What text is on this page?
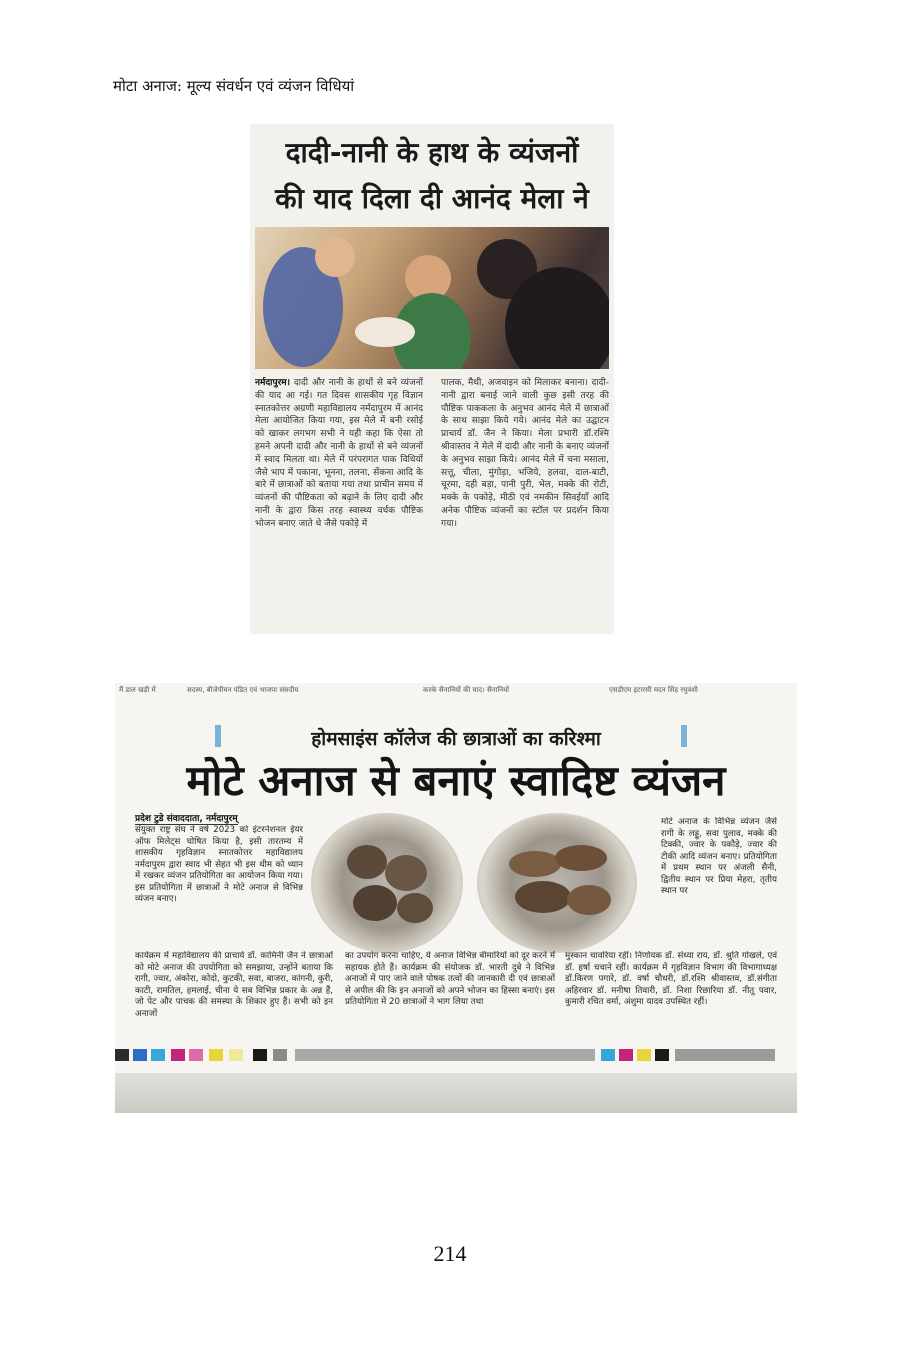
मोटा अनाज: मूल्य संवर्धन एवं व्यंजन विधियां
दादी-नानी के हाथ के व्यंजनों
की याद दिला दी आनंद मेला ने
नर्मदापुरम। दादी और नानी के हाथों से बने व्यंजनों की याद आ गई। गत दिवस शासकीय गृह विज्ञान स्नातकोत्तर अग्रणी महाविद्यालय नर्मदापुरम में आनंद मेला आयोजित किया गया, इस मेले में बनी रसोई को खाकर लगभग सभी ने यही कहा कि ऐसा तो हमने अपनी दादी और नानी के हाथों से बने व्यंजनों में स्वाद मिलता था। मेले में परंपरागत पाक विधियों जैसे भाप में पकाना, भूनना, तलना, सेंकना आदि के बारे में छात्राओं को बताया गया तथा प्राचीन समय में व्यंजनों की पौष्टिकता को बढ़ाने के लिए दादी और नानी के द्वारा किस तरह स्वास्थ्य वर्धक पौष्टिक भोजन बनाए जाते थे जैसे पकोड़े में
पालक, मैथी, अजवाइन को मिलाकर बनाना। दादी-नानी द्वारा बनाई जाने वाली कुछ इसी तरह की पौष्टिक पाककला के अनुभव आनंद मेले में छात्राओं के साथ साझा किये गये। आनंद मेले का उद्घाटन प्राचार्य डॉ. जैन ने किया। मेला प्रभारी डॉ.रश्मि श्रीवास्तव ने मेले में दादी और नानी के बनाए व्यंजनों के अनुभव साझा किये। आनंद मेले में चना मसाला, सत्तू, चीला, मुंगोड़ा, भजिये, हलवा, दाल-बाटी, चूरमा, दही बड़ा, पानी पुरी, भेल, मक्के की रोटी, मक्के के पकोड़े, मीठी एवं नमकीन सिवईयाँ आदि अनेक पौष्टिक व्यंजनों का स्टॉल पर प्रदर्शन किया गया।
मैं डाल खड़ी में	सदस्य, बीजेपीयन पंडित एवं भाजपा संसदीय	करके सैनानियों की याद। सैनानियों	एसडीएम इटारसी मदन सिंह रघुवंशी
होमसाइंस कॉलेज की छात्राओं का करिश्मा
मोटे अनाज से बनाएं स्वादिष्ट व्यंजन
प्रदेश टुडे संवाददाता, नर्मदापुरम्
संयुक्त राष्ट्र संघ ने वर्ष 2023 को इंटरनेशनल ईयर ऑफ मिलेट्स घोषित किया है, इसी तारतम्य में शासकीय गृहविज्ञान स्नातकोत्तर महाविद्यालय नर्मदापुरम द्वारा स्वाद भी सेहत भी इस थीम को ध्यान में रखकर व्यंजन प्रतियोगिता का आयोजन किया गया। इस प्रतियोगिता में छात्राओं ने मोटे अनाज से विभिन्न व्यंजन बनाए।
मोटे अनाज के विभिन्न व्यंजन जैसे रागी के लड्डू, सवा पुलाव, मक्के की टिक्की, ज्वार के पकौड़े, ज्वार की टीकी आदि व्यंजन बनाए। प्रतियोगिता में प्रथम स्थान पर अंजली सैनी, द्वितीय स्थान पर प्रिया मेहरा, तृतीय स्थान पर
कार्यक्रम में महाविद्यालय की प्राचार्य डॉ. कामिनी जैन ने छात्राओं को मोटे अनाज की उपयोगिता को समझाया, उन्होंने बताया कि रागी, ज्वार, अंकोरा, कोदो, कुटकी, सवा, बाजरा, कांगनी, कुरी, काटी, रामतिल, हमलाई, चीना ये सब विभिन्न प्रकार के अन्न हैं, जो पेट और पाचक की समस्या के शिकार हुए हैं। सभी को इन अनाजों
का उपयोग करना चाहिए, ये अनाज विभिन्न बीमारियों को दूर करने में सहायक होते हैं। कार्यक्रम की संयोजक डॉ. भारती दुबे ने विभिन्न अनाजों में पाए जाने वाले पोषक तत्वों की जानकारी दी एवं छात्राओं से अपील की कि इन अनाजों को अपने भोजन का हिस्सा बनाएं। इस प्रतियोगिता में 20 छात्राओं ने भाग लिया तथा
मुस्कान चावरिया रहीं। निर्णायक डॉ. संध्या राय, डॉ. श्रुति गोखले, एवं डॉ. हर्षा चचाने रहीं। कार्यक्रम में गृहविज्ञान विभाग की विभागाध्यक्ष डॉ.किरण पगारे, डॉ. वर्षा चौधरी, डॉ.रश्मि श्रीवास्तव, डॉ.संगीता अहिरवार डॉ. मनीषा तिवारी, डॉ. निशा रिछारिया डॉ. नीतू पवार, कुमारी रचित वर्मा, अंशुमा यादव उपस्थित रहीं।
214
